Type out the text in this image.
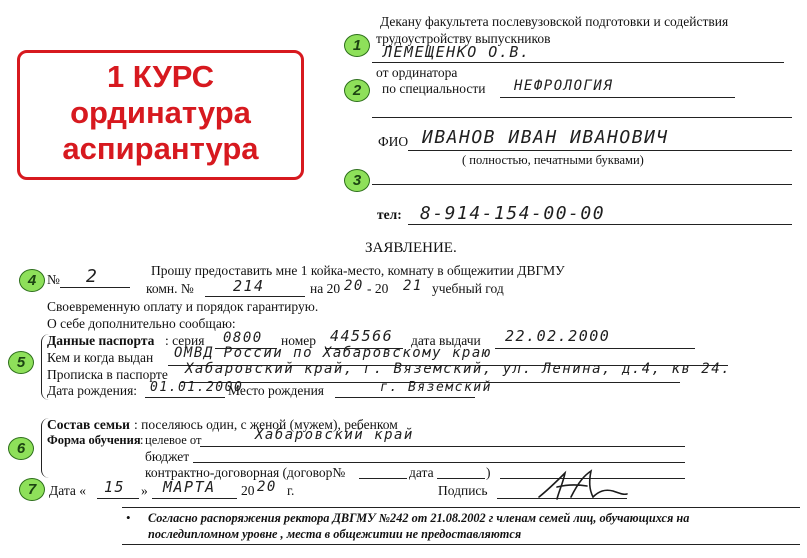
1 КУРС
ординатура
аспирантура
1
2
3
4
5
6
7
Декану факультета послевузовской подготовки и содействия
трудоустройству выпускников
ЛЕМЕЩЕНКО О.В.
от ординатора
по специальности НЕФРОЛОГИЯ
ФИО ИВАНОВ ИВАН ИВАНОВИЧ
( полностью, печатными буквами)
тел: 8-914-154-00-00
ЗАЯВЛЕНИЕ.
№ 2	Прошу предоставить мне 1 койка-место, комнату в общежитии ДВГМУ
комн. №	214	на 20 20 - 20 21 учебный год
Своевременную оплату и порядок гарантирую.
О себе дополнительно сообщаю:
Данные паспорта : серия 0800 номер 445566 дата выдачи 22.02.2000
Кем и когда выдан ОМВД России по Хабаровскому краю
Прописка в паспорте Хабаровский край, г. Вяземский, ул. Ленина, д.4, кв 24.
Дата рождения: 01.01.2000
Место рождения	г. Вяземский
Состав семьи : поселяюсь один, с женой (мужем), ребенком
Форма обучения : целевое от	Хабаровский край
бюджет
контрактно-договорная (договор№	дата	)
Дата « 15 » МАРТА 20 20 г.	Подпись
• Согласно распоряжения ректора ДВГМУ №242 от 21.08.2002 г членам семей лиц, обучающихся на
последипломном уровне , места в общежитии не предоставляются
